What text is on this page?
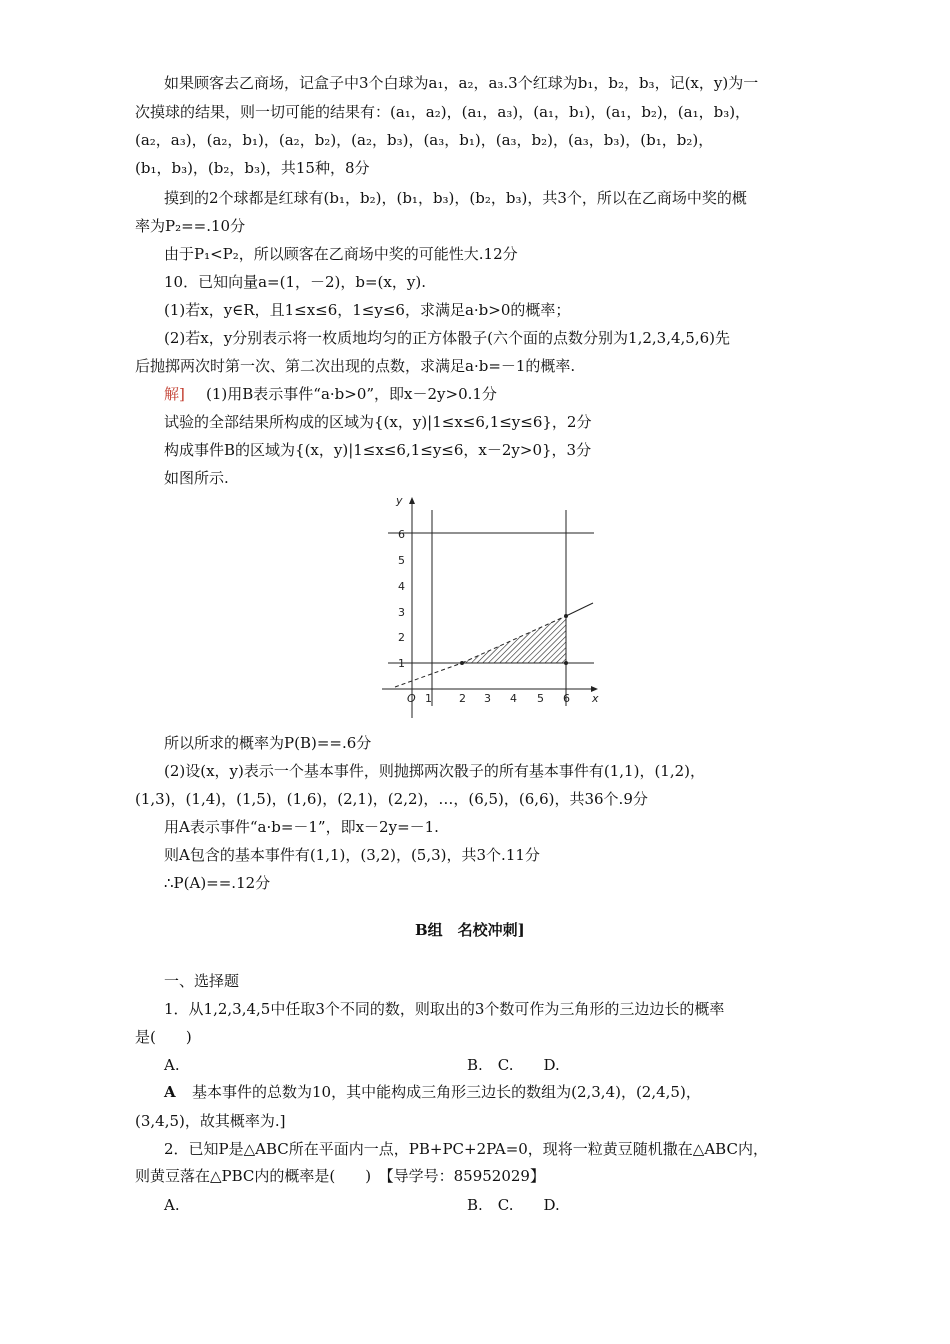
如果顾客去乙商场，记盒子中3个白球为a₁，a₂，a₃.3个红球为b₁，b₂，b₃，记(x，y)为一
次摸球的结果，则一切可能的结果有：(a₁，a₂)，(a₁，a₃)，(a₁，b₁)，(a₁，b₂)，(a₁，b₃)，
(a₂，a₃)，(a₂，b₁)，(a₂，b₂)，(a₂，b₃)，(a₃，b₁)，(a₃，b₂)，(a₃，b₃)，(b₁，b₂)，
(b₁，b₃)，(b₂，b₃)，共15种，8分
摸到的2个球都是红球有(b₁，b₂)，(b₁，b₃)，(b₂，b₃)，共3个，所以在乙商场中奖的概
率为P₂==.10分
由于P₁<P₂，所以顾客在乙商场中奖的可能性大.12分
10．已知向量a=(1，－2)，b=(x，y).
(1)若x，y∈R，且1≤x≤6，1≤y≤6，求满足a·b>0的概率；
(2)若x，y分别表示将一枚质地均匀的正方体骰子(六个面的点数分别为1,2,3,4,5,6)先
后抛掷两次时第一次、第二次出现的点数，求满足a·b=－1的概率.
解] (1)用B表示事件“a·b>0”，即x－2y>0.1分
试验的全部结果所构成的区域为{(x，y)|1≤x≤6,1≤y≤6}，2分
构成事件B的区域为{(x，y)|1≤x≤6,1≤y≤6，x－2y>0}，3分
如图所示.
y
x
O
1
2
3
4
5
6
1 2 3 4 5 6
所以所求的概率为P(B)==.6分
(2)设(x，y)表示一个基本事件，则抛掷两次骰子的所有基本事件有(1,1)，(1,2)，
(1,3)，(1,4)，(1,5)，(1,6)，(2,1)，(2,2)，…，(6,5)，(6,6)，共36个.9分
用A表示事件“a·b=－1”，即x－2y=－1.
则A包含的基本事件有(1,1)，(3,2)，(5,3)，共3个.11分
∴P(A)==.12分
B组　名校冲刺]
一、选择题
1．从1,2,3,4,5中任取3个不同的数，则取出的3个数可作为三角形的三边边长的概率
是(　　)
A.	B.　C.　　D.
A 基本事件的总数为10，其中能构成三角形三边长的数组为(2,3,4)，(2,4,5)，
(3,4,5)，故其概率为.]
2．已知P是△ABC所在平面内一点，PB+PC+2PA=0，现将一粒黄豆随机撒在△ABC内，
则黄豆落在△PBC内的概率是(　　)　【导学号：85952029】
A.	B.　C.　　D.
